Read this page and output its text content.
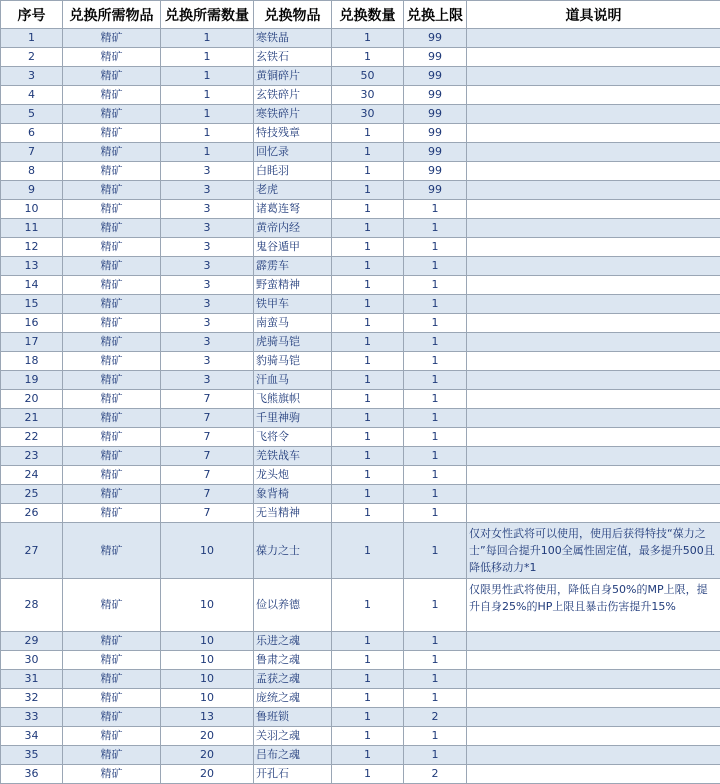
序号	兑换所需物品	兑换所需数量	兑换物品	兑换数量	兑换上限	道具说明
1	精矿	1	寒铁晶	1	99	
2	精矿	1	玄铁石	1	99	
3	精矿	1	黄铜碎片	50	99	
4	精矿	1	玄铁碎片	30	99	
5	精矿	1	寒铁碎片	30	99	
6	精矿	1	特技残章	1	99	
7	精矿	1	回忆录	1	99	
8	精矿	3	白眊羽	1	99	
9	精矿	3	老虎	1	99	
10	精矿	3	诸葛连弩	1	1	
11	精矿	3	黄帝内经	1	1	
12	精矿	3	鬼谷遁甲	1	1	
13	精矿	3	霹雳车	1	1	
14	精矿	3	野蛮精神	1	1	
15	精矿	3	铁甲车	1	1	
16	精矿	3	南蛮马	1	1	
17	精矿	3	虎骑马铠	1	1	
18	精矿	3	豹骑马铠	1	1	
19	精矿	3	汗血马	1	1	
20	精矿	7	飞熊旗帜	1	1	
21	精矿	7	千里神驹	1	1	
22	精矿	7	飞将令	1	1	
23	精矿	7	羌铁战车	1	1	
24	精矿	7	龙头炮	1	1	
25	精矿	7	象背椅	1	1	
26	精矿	7	无当精神	1	1	
27	精矿	10	葆力之士	1	1	仅对女性武将可以使用，使用后获得特技“葆力之士”每回合提升100全属性固定值，最多提升500且降低移动力*1
28	精矿	10	俭以养德	1	1	仅限男性武将使用，降低自身50%的MP上限，提升自身25%的HP上限且暴击伤害提升15%
29	精矿	10	乐进之魂	1	1	
30	精矿	10	鲁肃之魂	1	1	
31	精矿	10	孟获之魂	1	1	
32	精矿	10	庞统之魂	1	1	
33	精矿	13	鲁班锁	1	2	
34	精矿	20	关羽之魂	1	1	
35	精矿	20	吕布之魂	1	1	
36	精矿	20	开孔石	1	2	
